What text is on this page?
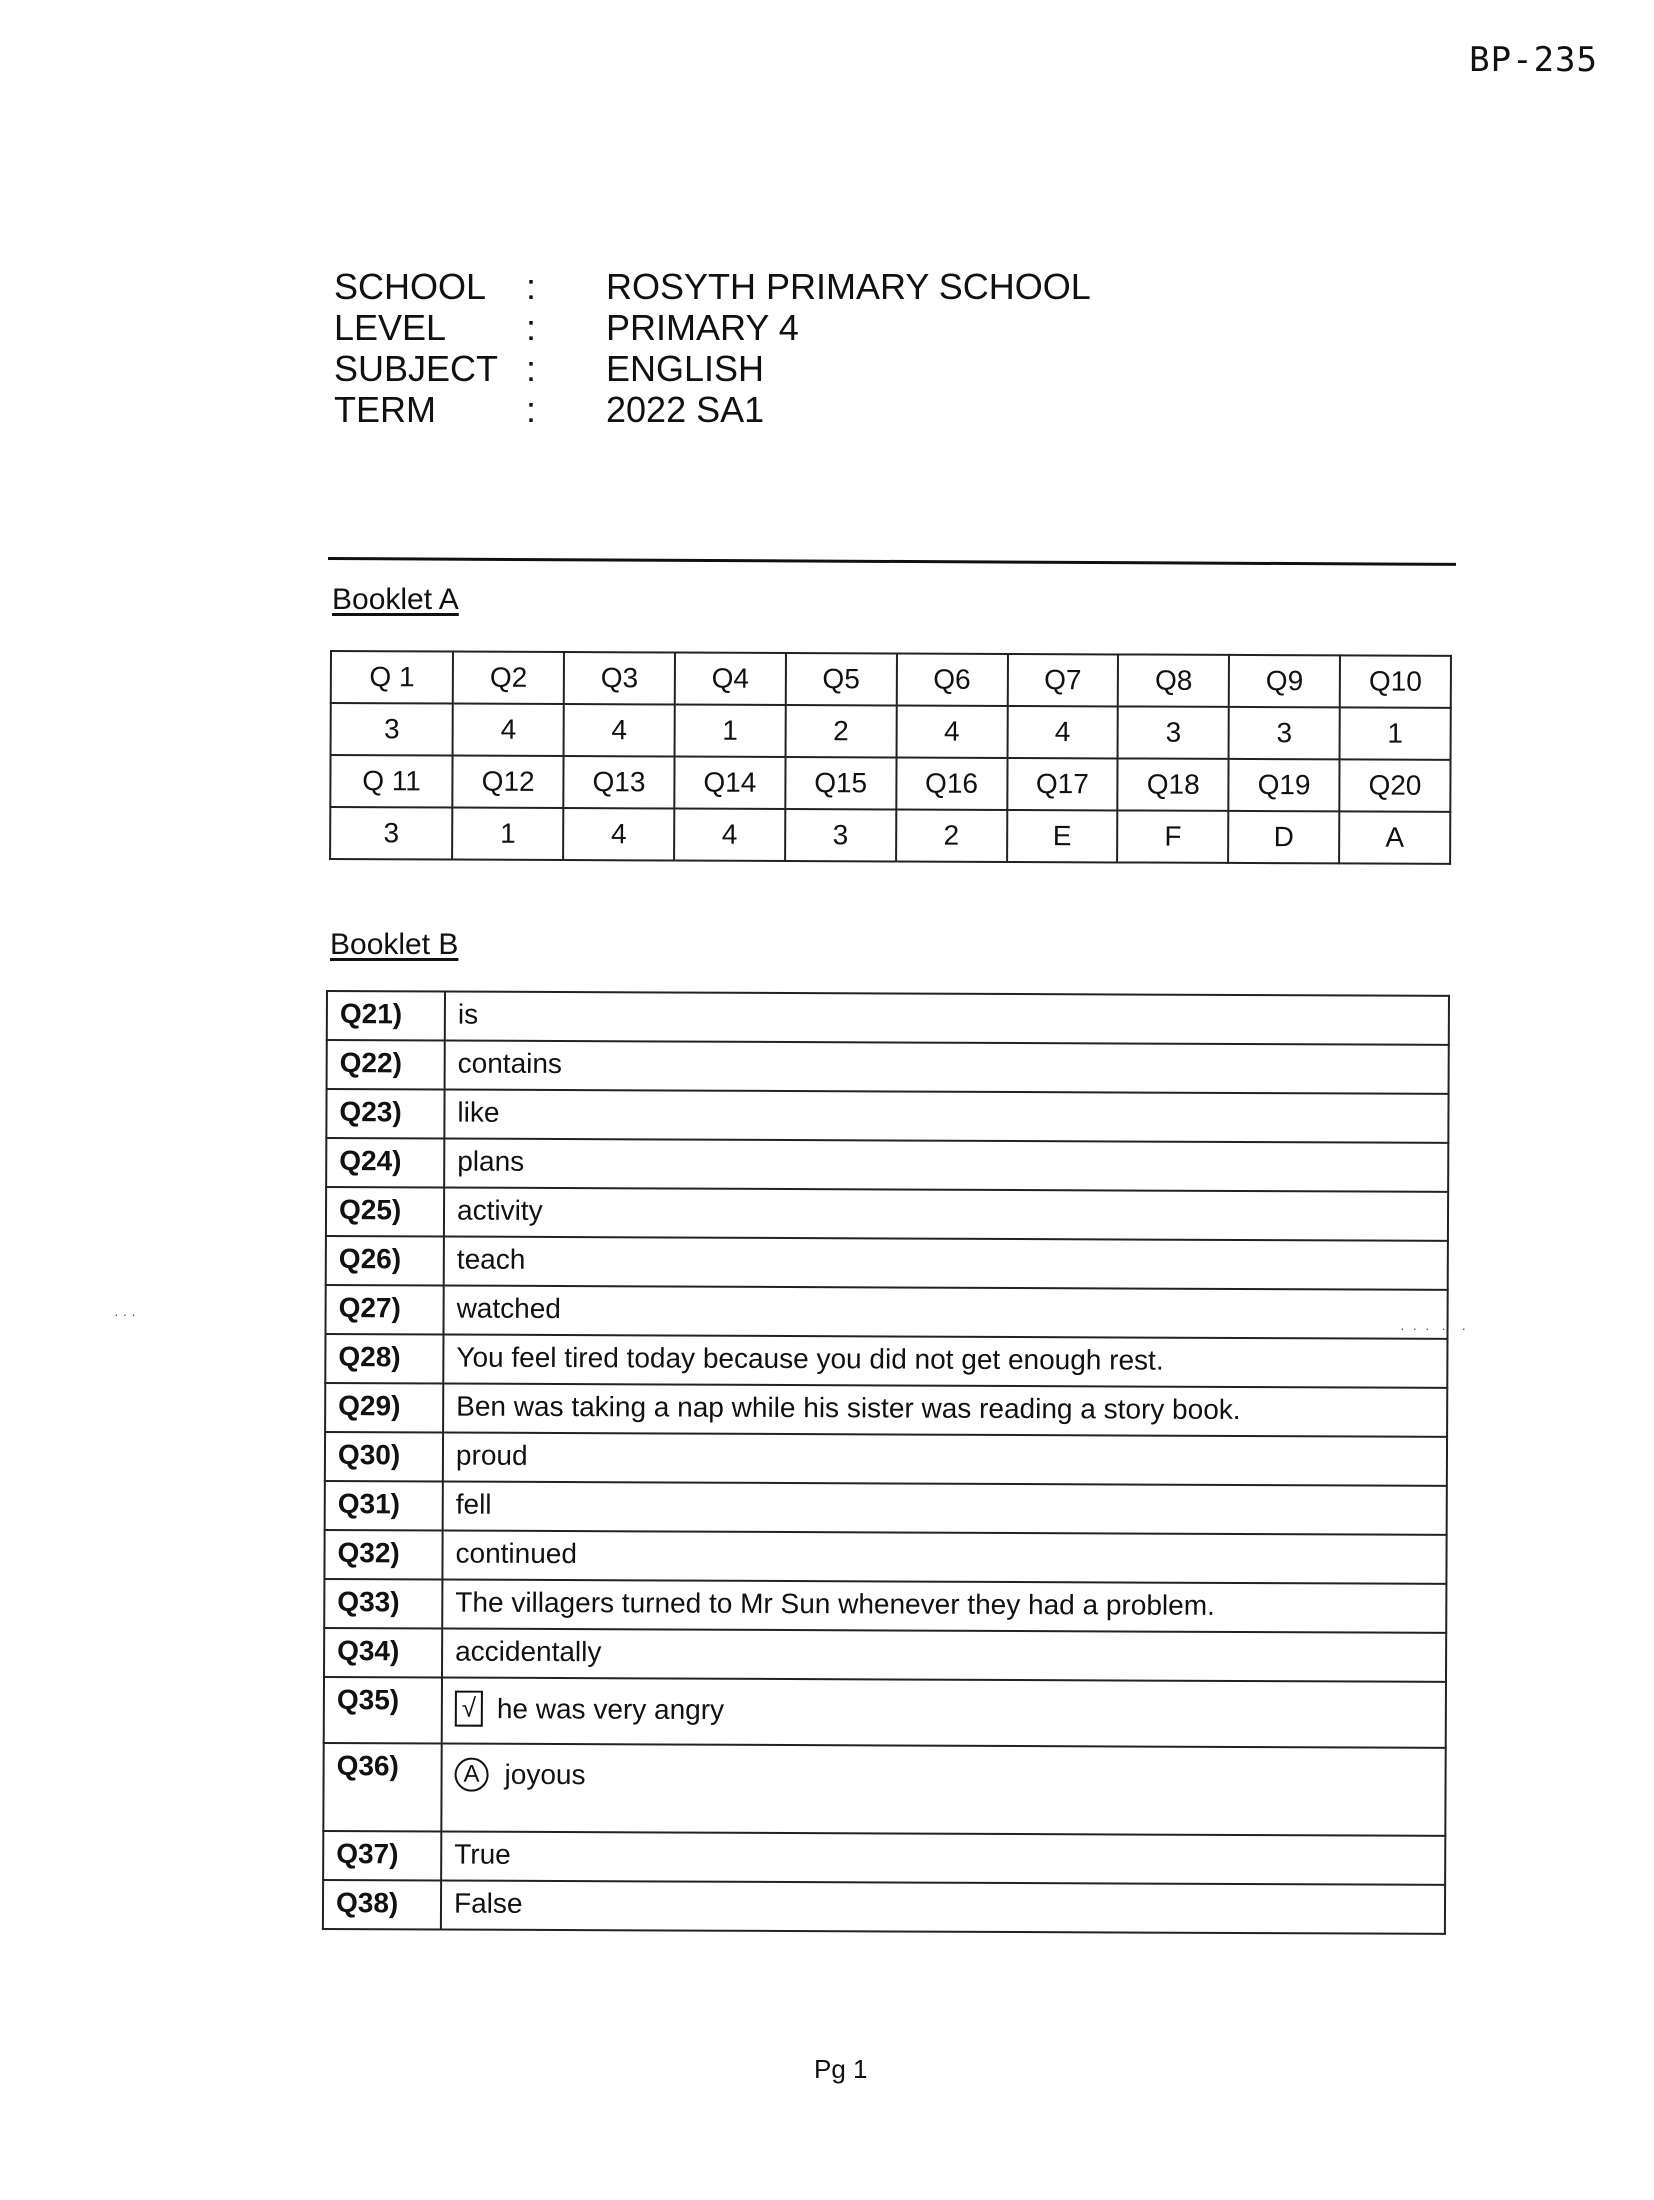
BP-235
SCHOOL	:	ROSYTH PRIMARY SCHOOL
LEVEL	:	PRIMARY 4
SUBJECT :	ENGLISH
TERM	:	2022 SA1
Booklet A
Q 1	Q2	Q3	Q4	Q5	Q6	Q7	Q8	Q9	Q10
3	4	4	1	2	4	4	3	3	1
Q 11	Q12	Q13	Q14	Q15	Q16	Q17	Q18	Q19	Q20
3	1	4	4	3	2	E	F	D	A
Booklet B
Q21)	is
Q22)	contains
Q23)	like
Q24)	plans
Q25)	activity
Q26)	teach
Q27)	watched
Q28)	You feel tired today because you did not get enough rest.
Q29)	Ben was taking a nap while his sister was reading a story book.
Q30)	proud
Q31)	fell
Q32)	continued
Q33)	The villagers turned to Mr Sun whenever they had a problem.
Q34)	accidentally
Q35)	√ he was very angry
Q36)	A joyous
Q37)	True
Q38)	False
· · ·
·  ·  ·   ·    ·
Pg 1
